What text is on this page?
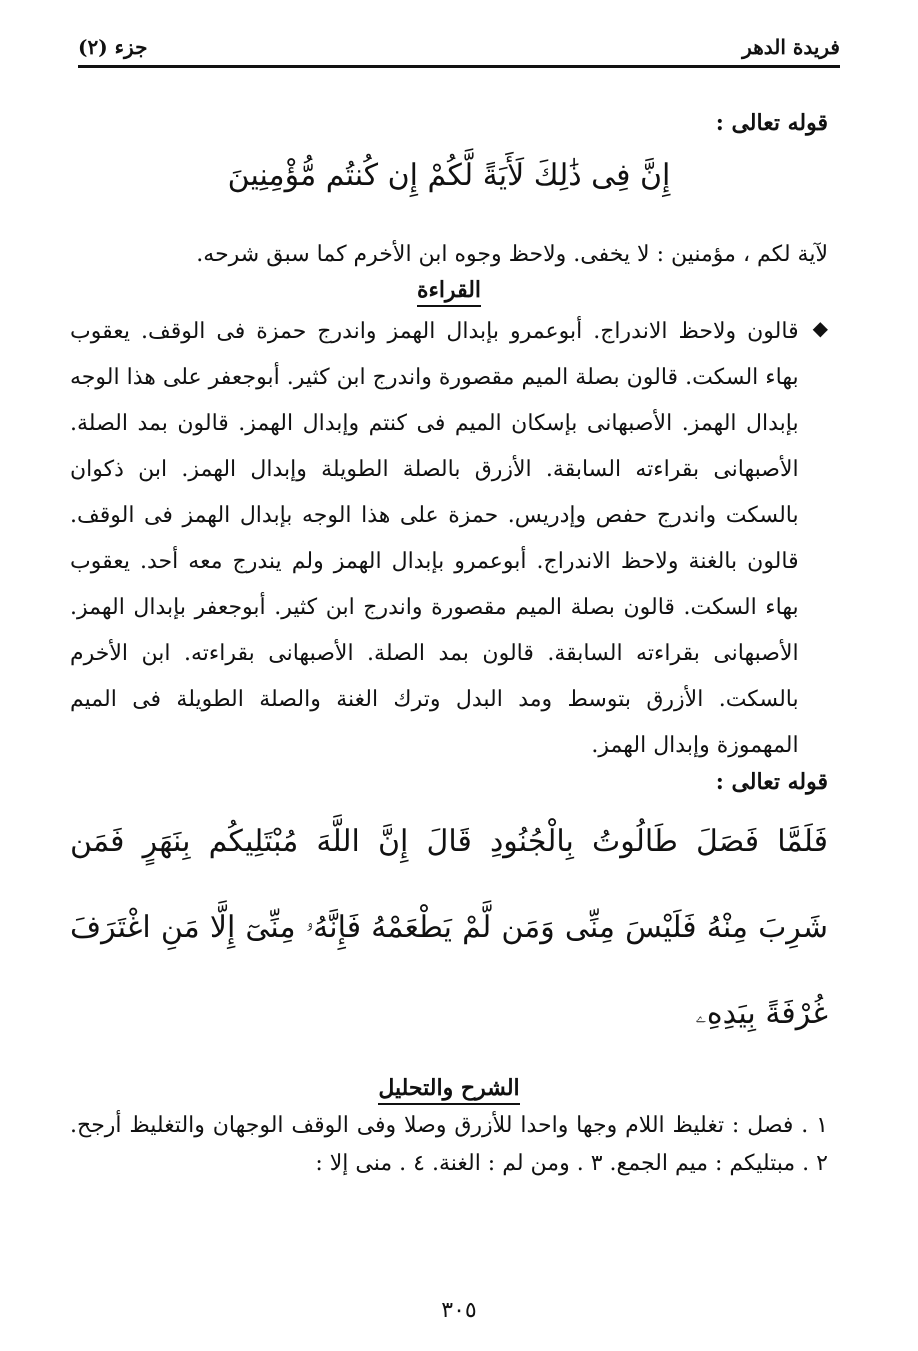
فريدة الدهر
جزء (٢)

قوله تعالى :

إِنَّ فِى ذَٰلِكَ لَأَيَةً لَّكُمْ إِن كُنتُم مُّؤْمِنِينَ

لآية لكم ، مؤمنين : لا يخفى. ولاحظ وجوه ابن الأخرم كما سبق شرحه.

القراءة
◆

قالون ولاحظ الاندراج. أبوعمرو بإبدال الهمز واندرج حمزة فى الوقف. يعقوب بهاء السكت. قالون بصلة الميم مقصورة واندرج ابن كثير. أبوجعفر على هذا الوجه بإبدال الهمز. الأصبهانى بإسكان الميم فى كنتم وإبدال الهمز. قالون بمد الصلة. الأصبهانى بقراءته السابقة. الأزرق بالصلة الطويلة وإبدال الهمز. ابن ذكوان بالسكت واندرج حفص وإدريس. حمزة على هذا الوجه بإبدال الهمز فى الوقف. قالون بالغنة ولاحظ الاندراج. أبوعمرو بإبدال الهمز ولم يندرج معه أحد. يعقوب بهاء السكت. قالون بصلة الميم مقصورة واندرج ابن كثير. أبوجعفر بإبدال الهمز. الأصبهانى بقراءته السابقة. قالون بمد الصلة. الأصبهانى بقراءته. ابن الأخرم بالسكت. الأزرق بتوسط ومد البدل وترك الغنة والصلة الطويلة فى الميم المهموزة وإبدال الهمز.

قوله تعالى :

فَلَمَّا فَصَلَ طَالُوتُ بِالْجُنُودِ قَالَ إِنَّ اللَّهَ مُبْتَلِيكُم بِنَهَرٍ فَمَن شَرِبَ مِنْهُ فَلَيْسَ مِنِّى وَمَن لَّمْ يَطْعَمْهُ فَإِنَّهُۥ مِنِّىٓ إِلَّا مَنِ اغْتَرَفَ غُرْفَةً بِيَدِهِۦ

الشرح والتحليل

١ . فصل : تغليظ اللام وجها واحدا للأزرق وصلا وفى الوقف الوجهان والتغليظ أرجح. ٢ . مبتليكم : ميم الجمع. ٣ . ومن لم : الغنة. ٤ . منى إلا :

٣٠٥
